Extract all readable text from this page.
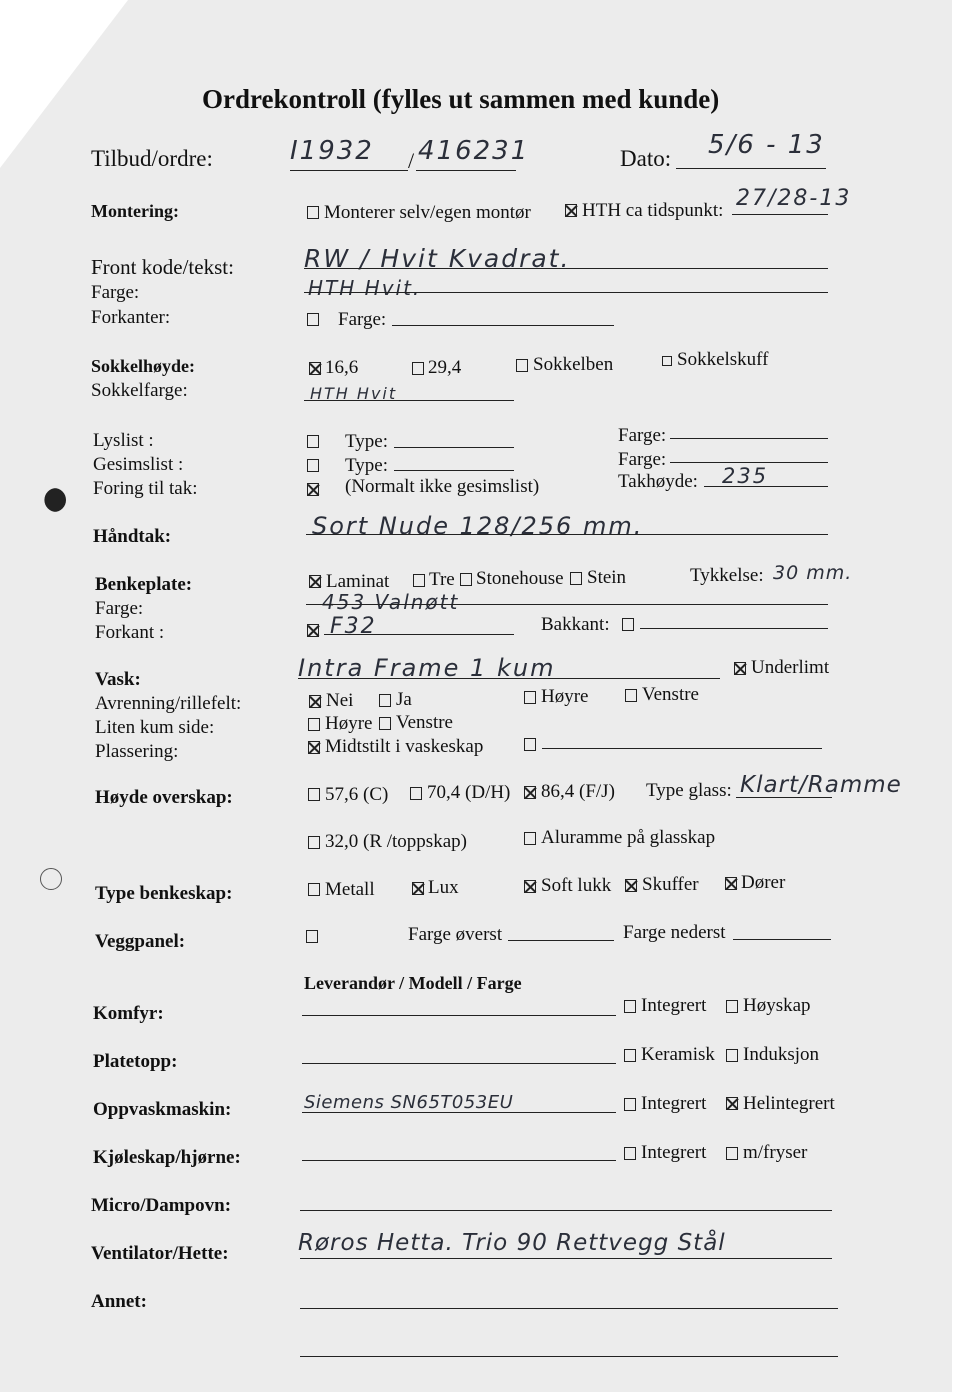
Ordrekontroll (fylles ut sammen med kunde)
Tilbud/ordre:	I1932 / 416231	Dato: 5/6 - 13
Montering:	Monterer selv/egen montør	HTH ca tidspunkt: 27/28-13
Front kode/tekst:	RW / Hvit Kvadrat.
Farge:	HTH Hvit.
Forkanter:	Farge:
Sokkelhøyde:	16,6	29,4	Sokkelben	Sokkelskuff
Sokkelfarge:	HTH Hvit
Lyslist :	Type:	Farge:
Gesimslist :	Type:	Farge:
Foring til tak:	(Normalt ikke gesimslist)	Takhøyde: 235
Håndtak:	Sort Nude 128/256 mm.
Benkeplate:	Laminat Tre Stonehouse Stein	Tykkelse: 30 mm.
Farge:	453 Valnøtt
Forkant :	F32	Bakkant:
Vask:	Intra Frame 1 kum	Underlimt
Avrenning/rillefelt:	Nei Ja	Høyre	Venstre
Liten kum side:	Høyre Venstre
Plassering:	Midtstilt i vaskeskap
Høyde overskap:	57,6 (C) 70,4 (D/H) 86,4 (F/J) Type glass: Klart/Ramme
32,0 (R /toppskap)	Aluramme på glasskap
Type benkeskap:	Metall	Lux	Soft lukk Skuffer Dører
Veggpanel:	Farge øverst	Farge nederst
Leverandør / Modell / Farge
Komfyr:	Integrert Høyskap
Platetopp:	Keramisk Induksjon
Oppvaskmaskin:	Siemens SN65T053EU	Integrert Helintegrert
Kjøleskap/hjørne:	Integrert m/fryser
Micro/Dampovn:
Ventilator/Hette:	Røros Hetta. Trio 90 Rettvegg Stål
Annet:
